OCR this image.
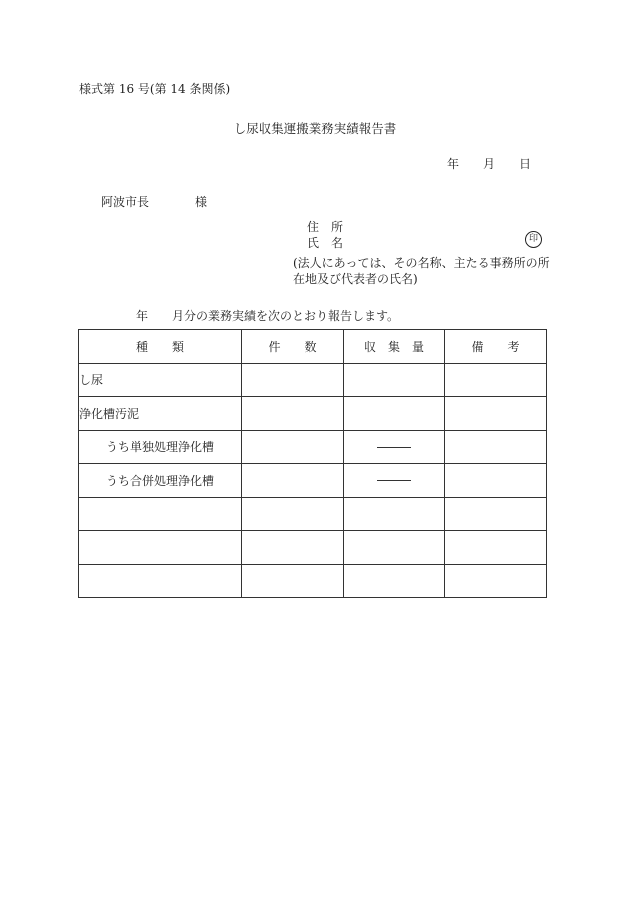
様式第 16 号(第 14 条関係)
し尿収集運搬業務実績報告書
年 月 日
阿波市長	様
住 所
氏 名	印
(法人にあっては、その名称、主たる事務所の所
在地及び代表者の氏名)
年 月分の業務実績を次のとおり報告します。
種　　類	件　　数	収　集　量	備　　考
し尿			
浄化槽汚泥			
うち単独処理浄化槽			
うち合併処理浄化槽			
